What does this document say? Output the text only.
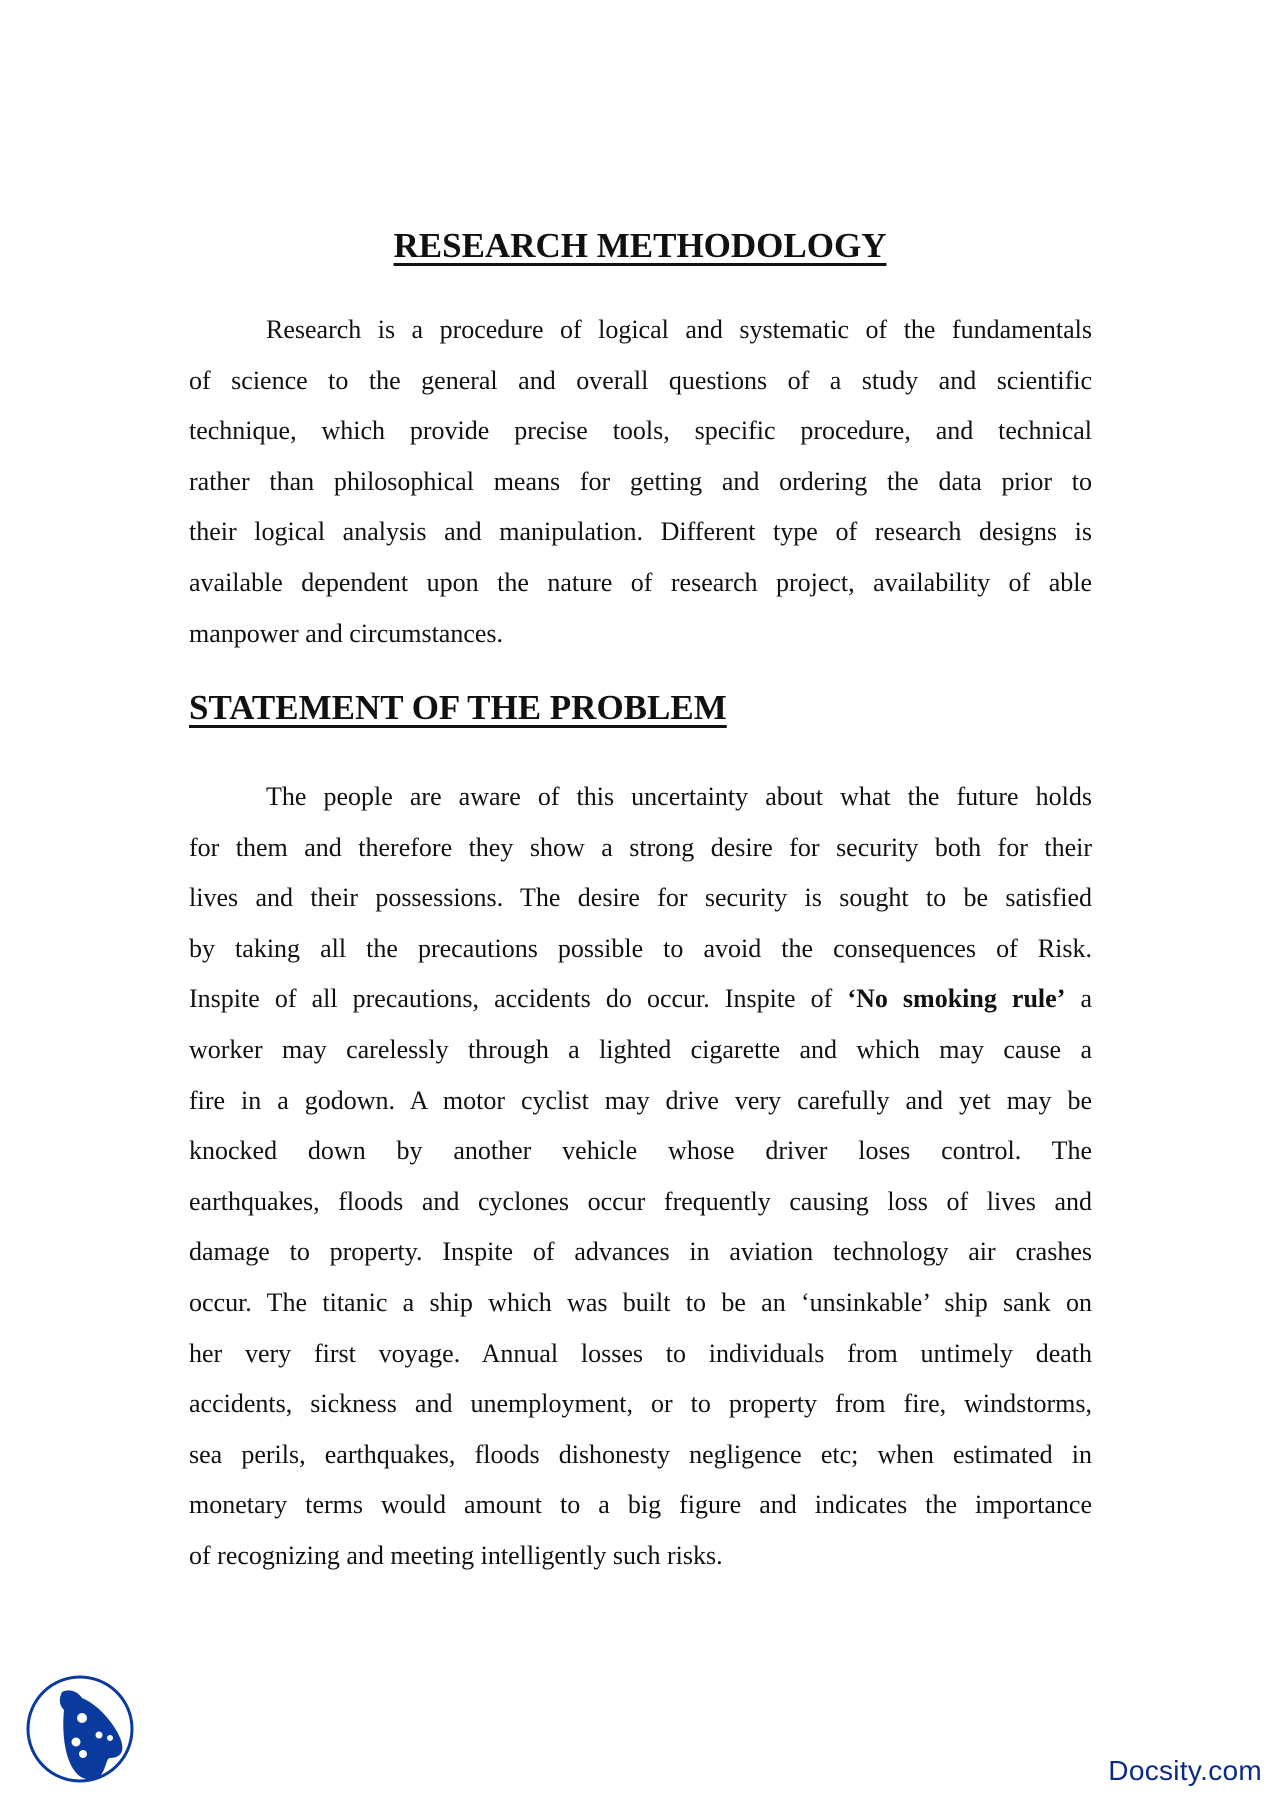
RESEARCH METHODOLOGY
Research is a procedure of logical and systematic of the fundamentals
of science to the general and overall questions of a study and scientific
technique, which provide precise tools, specific procedure, and technical
rather than philosophical means for getting and ordering the data prior to
their logical analysis and manipulation. Different type of research designs is
available dependent upon the nature of research project, availability of able
manpower and circumstances.
STATEMENT OF THE PROBLEM
The people are aware of this uncertainty about what the future holds
for them and therefore they show a strong desire for security both for their
lives and their possessions. The desire for security is sought to be satisfied
by taking all the precautions possible to avoid the consequences of Risk.
Inspite of all precautions, accidents do occur. Inspite of ‘No smoking rule’ a
worker may carelessly through a lighted cigarette and which may cause a
fire in a godown. A motor cyclist may drive very carefully and yet may be
knocked down by another vehicle whose driver loses control. The
earthquakes, floods and cyclones occur frequently causing loss of lives and
damage to property. Inspite of advances in aviation technology air crashes
occur. The titanic a ship which was built to be an ‘unsinkable’ ship sank on
her very first voyage. Annual losses to individuals from untimely death
accidents, sickness and unemployment, or to property from fire, windstorms,
sea perils, earthquakes, floods dishonesty negligence etc; when estimated in
monetary terms would amount to a big figure and indicates the importance
of recognizing and meeting intelligently such risks.
Docsity.com
